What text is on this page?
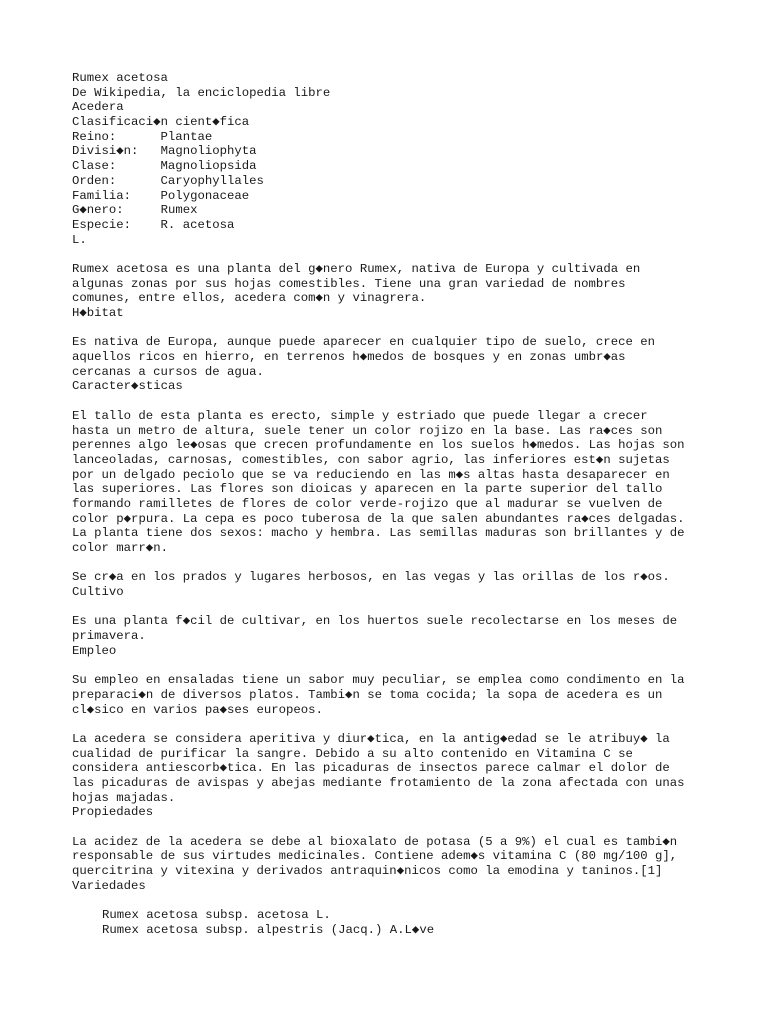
Rumex acetosa
De Wikipedia, la enciclopedia libre
Acedera
Clasificaci◆n cient◆fica
Reino:      Plantae
Divisi◆n:   Magnoliophyta
Clase:      Magnoliopsida
Orden:      Caryophyllales
Familia:    Polygonaceae
G◆nero:     Rumex
Especie:    R. acetosa
L.
Rumex acetosa es una planta del g◆nero Rumex, nativa de Europa y cultivada en
algunas zonas por sus hojas comestibles. Tiene una gran variedad de nombres
comunes, entre ellos, acedera com◆n y vinagrera.
H◆bitat
Es nativa de Europa, aunque puede aparecer en cualquier tipo de suelo, crece en
aquellos ricos en hierro, en terrenos h◆medos de bosques y en zonas umbr◆as
cercanas a cursos de agua.
Caracter◆sticas
El tallo de esta planta es erecto, simple y estriado que puede llegar a crecer
hasta un metro de altura, suele tener un color rojizo en la base. Las ra◆ces son
perennes algo le◆osas que crecen profundamente en los suelos h◆medos. Las hojas son
lanceoladas, carnosas, comestibles, con sabor agrio, las inferiores est◆n sujetas
por un delgado peciolo que se va reduciendo en las m◆s altas hasta desaparecer en
las superiores. Las flores son dioicas y aparecen en la parte superior del tallo
formando ramilletes de flores de color verde-rojizo que al madurar se vuelven de
color p◆rpura. La cepa es poco tuberosa de la que salen abundantes ra◆ces delgadas.
La planta tiene dos sexos: macho y hembra. Las semillas maduras son brillantes y de
color marr◆n.
Se cr◆a en los prados y lugares herbosos, en las vegas y las orillas de los r◆os.
Cultivo
Es una planta f◆cil de cultivar, en los huertos suele recolectarse en los meses de
primavera.
Empleo
Su empleo en ensaladas tiene un sabor muy peculiar, se emplea como condimento en la
preparaci◆n de diversos platos. Tambi◆n se toma cocida; la sopa de acedera es un
cl◆sico en varios pa◆ses europeos.
La acedera se considera aperitiva y diur◆tica, en la antig◆edad se le atribuy◆ la
cualidad de purificar la sangre. Debido a su alto contenido en Vitamina C se
considera antiescorb◆tica. En las picaduras de insectos parece calmar el dolor de
las picaduras de avispas y abejas mediante frotamiento de la zona afectada con unas
hojas majadas.
Propiedades
La acidez de la acedera se debe al bioxalato de potasa (5 a 9%) el cual es tambi◆n
responsable de sus virtudes medicinales. Contiene adem◆s vitamina C (80 mg/100 g],
quercitrina y vitexina y derivados antraquin◆nicos como la emodina y taninos.[1]
Variedades
Rumex acetosa subsp. acetosa L.
Rumex acetosa subsp. alpestris (Jacq.) A.L◆ve
